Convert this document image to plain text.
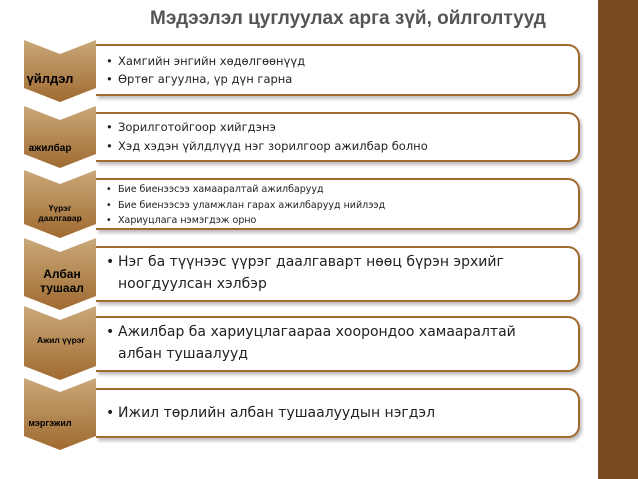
11
Мэдээлэл цуглуулах арга зүй, ойлголтууд
үйлдэл
• Хамгийн энгийн хөдөлгөөнүүд
• Өртөг агуулна, үр дүн гарна
ажилбар
• Зорилготойгоор хийгдэнэ
• Хэд хэдэн үйлдлүүд нэг зорилгоор ажилбар болно
Үүрэг даалгавар
• Бие биенээсээ хамааралтай ажилбарууд
• Бие биенээсээ уламжлан гарах ажилбарууд нийлээд
• Хариуцлага нэмэгдэж орно
Албан тушаал
• Нэг ба түүнээс үүрэг даалгаварт нөөц бүрэн эрхийг ноогдуулсан хэлбэр
Ажил үүрэг
•	Ажилбар ба хариуцлагаараа хоорондоо хамааралтай албан тушаалууд
мэргэжил
• Ижил төрлийн албан тушаалуудын нэгдэл
